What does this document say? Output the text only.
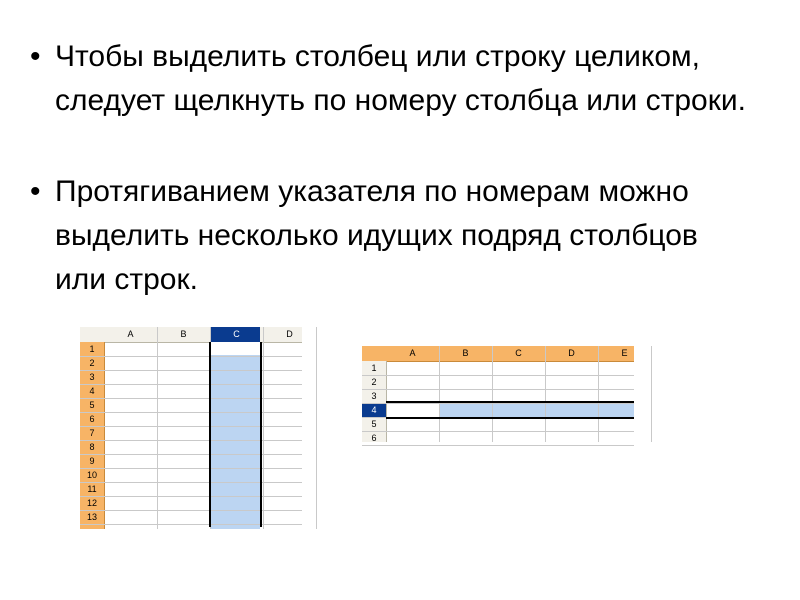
• Чтобы выделить столбец или строку целиком, следует щелкнуть по номеру столбца или строки.
• Протягиванием указателя по номерам можно выделить несколько идущих подряд столбцов или строк.
A	B	C	D
1
2
3
4
5
6
7
8
9
10
11
12
13
A	B	C	D	E
1
2
3
4
5
6
